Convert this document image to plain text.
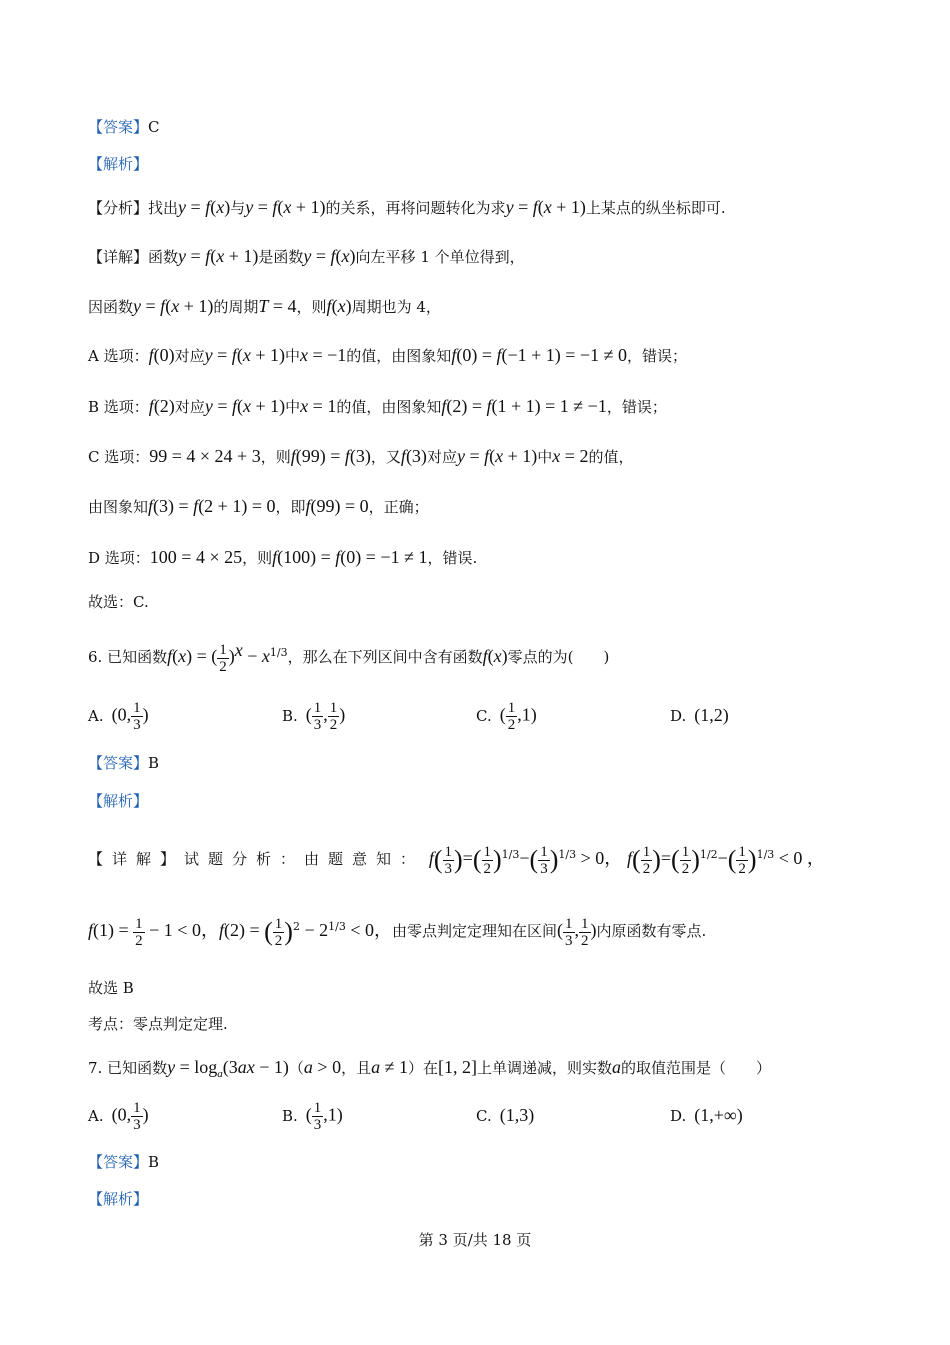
【答案】C
【解析】
【分析】找出y = f(x)与y = f(x + 1)的关系，再将问题转化为求y = f(x + 1)上某点的纵坐标即可.
【详解】函数y = f(x + 1)是函数y = f(x)向左平移 1 个单位得到，
因函数y = f(x + 1)的周期T = 4，则f(x)周期也为 4，
A 选项：f(0)对应y = f(x + 1)中x = −1的值，由图象知f(0) = f(−1 + 1) = −1 ≠ 0，错误；
B 选项：f(2)对应y = f(x + 1)中x = 1的值，由图象知f(2) = f(1 + 1) = 1 ≠ −1，错误；
C 选项：99 = 4 × 24 + 3，则f(99) = f(3)，又f(3)对应y = f(x + 1)中x = 2的值，
由图象知f(3) = f(2 + 1) = 0，即f(99) = 0，正确；
D 选项：100 = 4 × 25，则f(100) = f(0) = −1 ≠ 1，错误.
故选：C.
6. 已知函数f(x) = ( $\frac{1}{2} )^x - x^{1/3}$，那么在下列区间中含有函数f(x)零点的为(　　)
A. (0, $\frac{1}{3}$ )	B. ( $\frac{1}{3}$ , $\frac{1}{2}$ )	C. ( $\frac{1}{2} ,1$)	D. (1,2)
【答案】B
【解析】
【详解】试题分析：由题意知： $f( \frac{1}{3}$ )=( $\frac{1}{2} )^{1/3}-( \frac{1}{3} )^{1/3} > 0$， $f( \frac{1}{2}$ )=( $\frac{1}{2} )^{1/2}-( \frac{1}{2} )^{1/3} < 0$ ，
$f(1) = \frac{1}{2} - 1 < 0$，f(2) = ( $\frac{1}{2} )^2 - 2^{1/3} < 0$，由零点判定定理知在区间( $\frac{1}{3}$ , $\frac{1}{2}$ )内原函数有零点.
故选 B
考点：零点判定定理.
7. 已知函数$y = \log_a(3ax - 1)(a > 0$，且a ≠ 1）在[1, 2]上单调递减，则实数a的取值范围是（　　）
A. (0, $\frac{1}{3}$ )	B. ( $\frac{1}{3} ,1$)	C. (1,3)	D. (1,+∞)
【答案】B
【解析】
第 3 页/共 18 页
